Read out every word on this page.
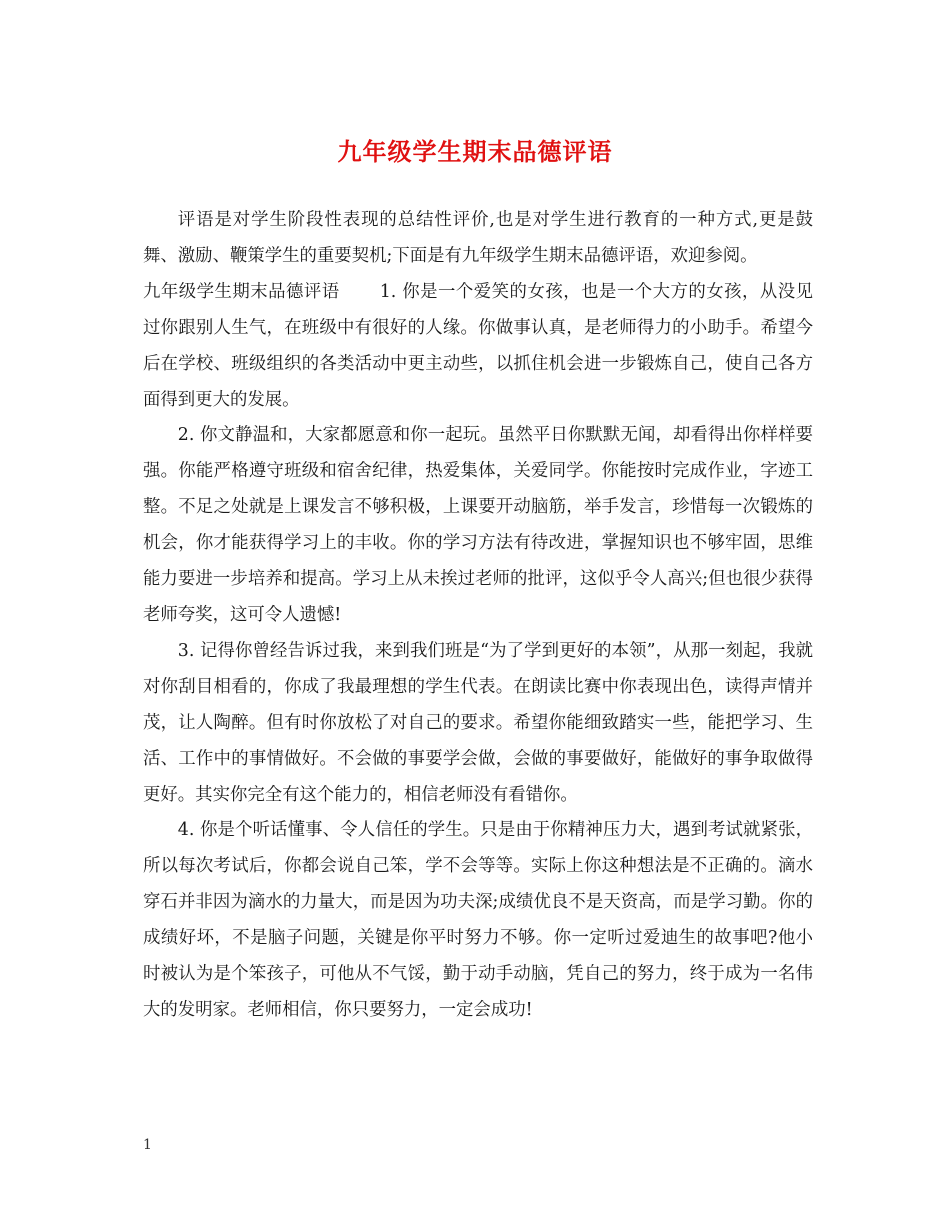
九年级学生期末品德评语

评语是对学生阶段性表现的总结性评价,也是对学生进行教育的一种方式,更是鼓舞、激励、鞭策学生的重要契机;下面是有九年级学生期末品德评语，欢迎参阅。

九年级学生期末品德评语 1. 你是一个爱笑的女孩，也是一个大方的女孩，从没见过你跟别人生气，在班级中有很好的人缘。你做事认真，是老师得力的小助手。希望今后在学校、班级组织的各类活动中更主动些，以抓住机会进一步锻炼自己，使自己各方面得到更大的发展。

2. 你文静温和，大家都愿意和你一起玩。虽然平日你默默无闻，却看得出你样样要强。你能严格遵守班级和宿舍纪律，热爱集体，关爱同学。你能按时完成作业，字迹工整。不足之处就是上课发言不够积极，上课要开动脑筋，举手发言，珍惜每一次锻炼的机会，你才能获得学习上的丰收。你的学习方法有待改进，掌握知识也不够牢固，思维能力要进一步培养和提高。学习上从未挨过老师的批评，这似乎令人高兴;但也很少获得老师夸奖，这可令人遗憾!

3. 记得你曾经告诉过我，来到我们班是“为了学到更好的本领”，从那一刻起，我就对你刮目相看的，你成了我最理想的学生代表。在朗读比赛中你表现出色，读得声情并茂，让人陶醉。但有时你放松了对自己的要求。希望你能细致踏实一些，能把学习、生活、工作中的事情做好。不会做的事要学会做，会做的事要做好，能做好的事争取做得更好。其实你完全有这个能力的，相信老师没有看错你。

4. 你是个听话懂事、令人信任的学生。只是由于你精神压力大，遇到考试就紧张，所以每次考试后，你都会说自己笨，学不会等等。实际上你这种想法是不正确的。滴水穿石并非因为滴水的力量大，而是因为功夫深;成绩优良不是天资高，而是学习勤。你的成绩好坏，不是脑子问题，关键是你平时努力不够。你一定听过爱迪生的故事吧?他小时被认为是个笨孩子，可他从不气馁，勤于动手动脑，凭自己的努力，终于成为一名伟大的发明家。老师相信，你只要努力，一定会成功!

1
